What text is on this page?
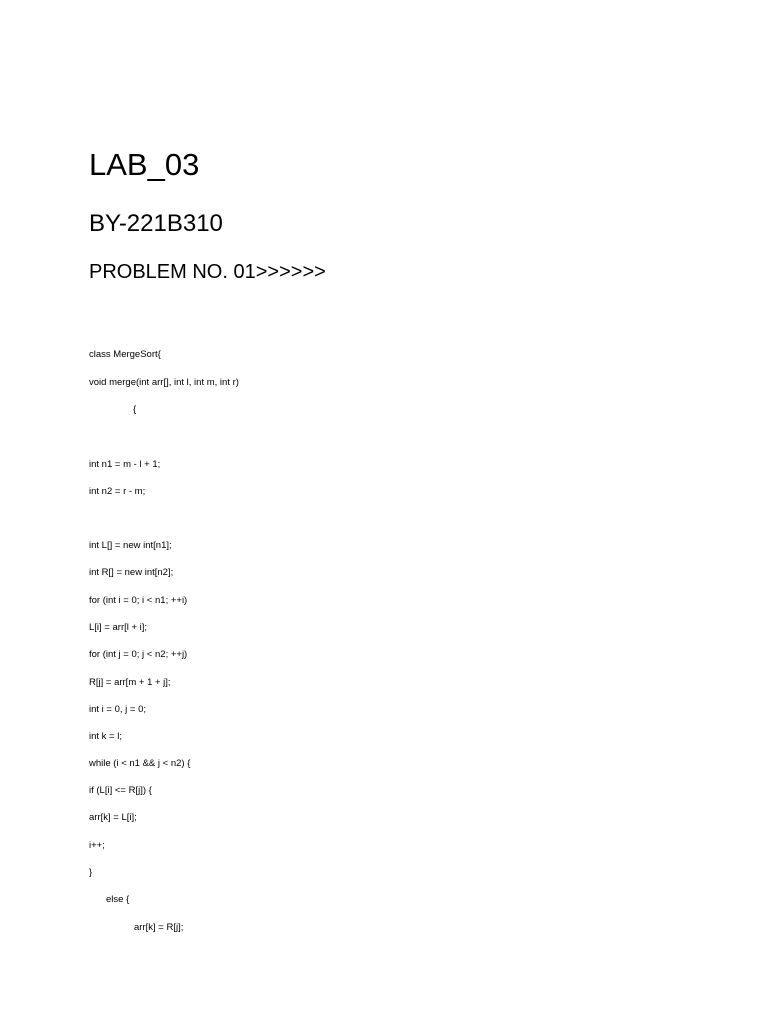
LAB_03
BY-221B310
PROBLEM NO. 01>>>>>>

class MergeSort{

void merge(int arr[], int l, int m, int r)

{

int n1 = m - l + 1;

int n2 = r - m;

int L[] = new int[n1];

int R[] = new int[n2];

for (int i = 0; i < n1; ++i)

L[i] = arr[l + i];

for (int j = 0; j < n2; ++j)

R[j] = arr[m + 1 + j];

int i = 0, j = 0;

int k = l;

while (i < n1 && j < n2) {

if (L[i] <= R[j]) {

arr[k] = L[i];

i++;

}

else {

arr[k] = R[j];
